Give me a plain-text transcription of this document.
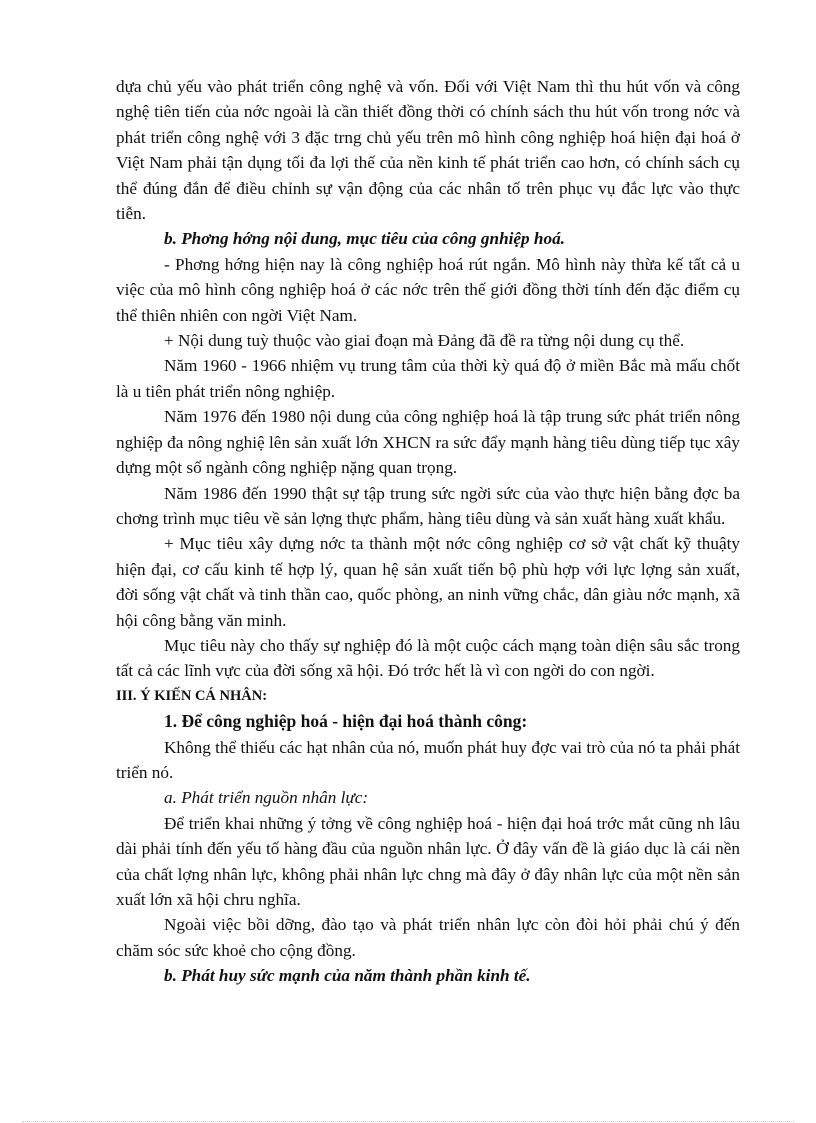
dựa chủ yếu vào phát triển công nghệ và vốn. Đối với Việt Nam thì thu hút vốn và công nghệ tiên tiến của nớc ngoài là cần thiết đồng thời có chính sách thu hút vốn trong nớc và phát triển công nghệ với 3 đặc trng chủ yếu trên mô hình công nghiệp hoá hiện đại hoá ở Việt Nam phải tận dụng tối đa lợi thế của nền kinh tế phát triển cao hơn, có chính sách cụ thể đúng đắn để điều chỉnh sự vận động của các nhân tố trên phục vụ đắc lực vào thực tiễn.

b. Phơng hớng nội dung, mục tiêu của công gnhiệp hoá.

- Phơng hớng hiện nay là công nghiệp hoá rút ngắn. Mô hình này thừa kế tất cả u việc của mô hình công nghiệp hoá ở các nớc trên thế giới đồng thời tính đến đặc điểm cụ thể thiên nhiên con ngời Việt Nam.

+ Nội dung tuỳ thuộc vào giai đoạn mà Đảng đã đề ra từng nội dung cụ thể.

Năm 1960 - 1966 nhiệm vụ trung tâm của thời kỳ quá độ ở miền Bắc mà mấu chốt là u tiên phát triển nông nghiệp.

Năm 1976 đến 1980 nội dung của công nghiệp hoá là tập trung sức phát triển nông nghiệp đa nông nghiệ lên sản xuất lớn XHCN ra sức đẩy mạnh hàng tiêu dùng tiếp tục xây dựng một số ngành công nghiệp nặng quan trọng.

Năm 1986 đến 1990 thật sự tập trung sức ngời sức của vào thực hiện bằng đợc ba chơng trình mục tiêu về sản lợng thực phẩm, hàng tiêu dùng và sản xuất hàng xuất khẩu.

+ Mục tiêu xây dựng nớc ta thành một nớc công nghiệp cơ sở vật chất kỹ thuậty hiện đại, cơ cấu kinh tế hợp lý, quan hệ sản xuất tiến bộ phù hợp với lực lợng sản xuất, đời sống vật chất và tinh thần cao, quốc phòng, an ninh vững chắc, dân giàu nớc mạnh, xã hội công bằng văn minh.

Mục tiêu này cho thấy sự nghiệp đó là một cuộc cách mạng toàn diện sâu sắc trong tất cả các lĩnh vực của đời sống xã hội. Đó trớc hết là vì con ngời do con ngời.

III. Ý KIẾN CÁ NHÂN:

1. Để công nghiệp hoá - hiện đại hoá thành công:

Không thể thiếu các hạt nhân của nó, muốn phát huy đợc vai trò của nó ta phải phát triển nó.

a. Phát triển nguồn nhân lực:

Để triển khai những ý tởng về công nghiệp hoá - hiện đại hoá trớc mắt cũng nh lâu dài phải tính đến yếu tố hàng đầu của nguồn nhân lực. Ở đây vấn đề là giáo dục là cái nền của chất lợng nhân lực, không phải nhân lực chng mà đây ở đây nhân lực của một nền sản xuất lớn xã hội chru nghĩa.

Ngoài việc bồi dỡng, đào tạo và phát triển nhân lực còn đòi hỏi phải chú ý đến chăm sóc sức khoẻ cho cộng đồng.

b. Phát huy sức mạnh của năm thành phần kinh tế.
